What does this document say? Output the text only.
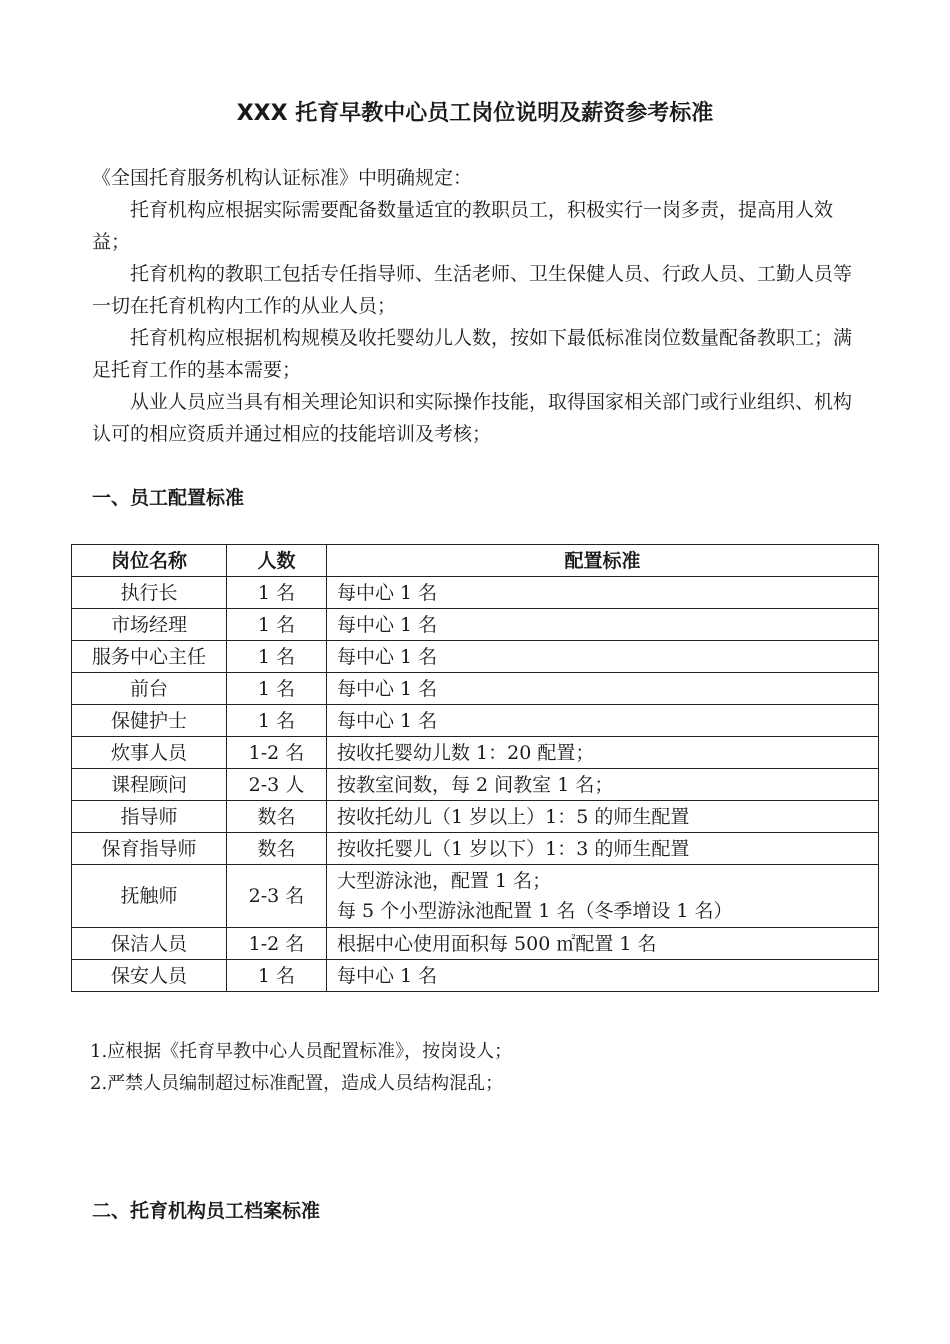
XXX 托育早教中心员工岗位说明及薪资参考标准

《全国托育服务机构认证标准》中明确规定：

托育机构应根据实际需要配备数量适宜的教职员工，积极实行一岗多责，提高用人效益；

托育机构的教职工包括专任指导师、生活老师、卫生保健人员、行政人员、工勤人员等一切在托育机构内工作的从业人员；

托育机构应根据机构规模及收托婴幼儿人数，按如下最低标准岗位数量配备教职工；满足托育工作的基本需要；

从业人员应当具有相关理论知识和实际操作技能，取得国家相关部门或行业组织、机构认可的相应资质并通过相应的技能培训及考核；

一、员工配置标准
岗位名称	人数	配置标准
执行长	1 名	每中心 1 名

市场经理	1 名	每中心 1 名

服务中心主任	1 名	每中心 1 名

前台	1 名	每中心 1 名

保健护士	1 名	每中心 1 名

炊事人员	1-2 名	按收托婴幼儿数 1：20 配置；

课程顾问	2-3 人	按教室间数，每 2 间教室 1 名；

指导师	数名	按收托幼儿（1 岁以上）1：5 的师生配置

保育指导师	数名	按收托婴儿（1 岁以下）1：3 的师生配置

抚触师	2-3 名	大型游泳池，配置 1 名；
每 5 个小型游泳池配置 1 名（冬季增设 1 名）

保洁人员	1-2 名	根据中心使用面积每 500 ㎡配置 1 名

保安人员	1 名	每中心 1 名

1.应根据《托育早教中心人员配置标准》，按岗设人；

2.严禁人员编制超过标准配置，造成人员结构混乱；

二、托育机构员工档案标准
